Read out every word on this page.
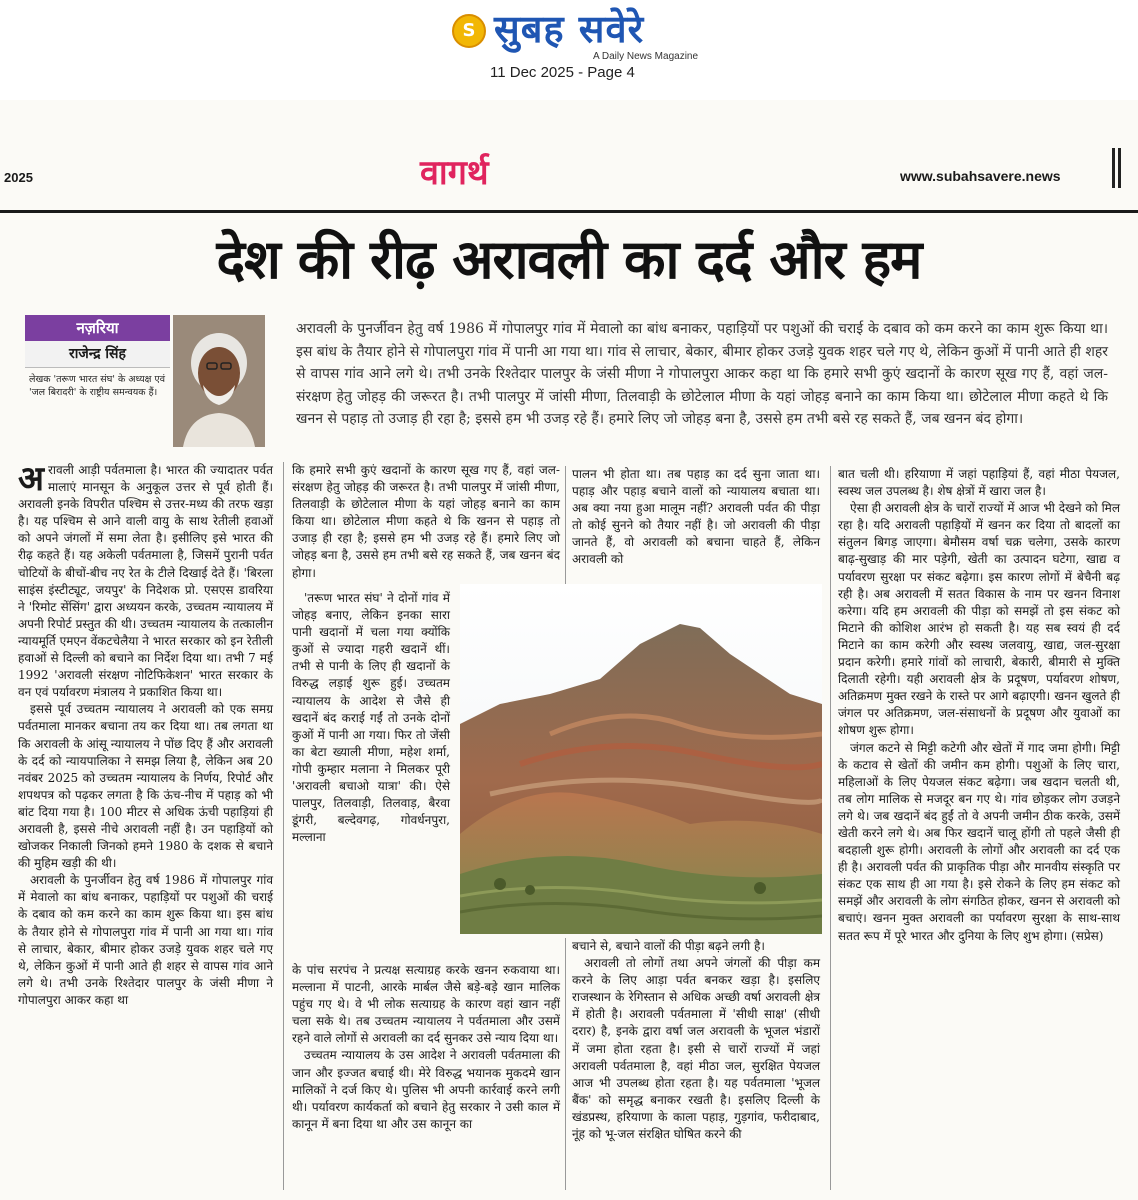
S सुबह सवेरे
A Daily News Magazine
11 Dec 2025 - Page 4
2025	वागर्थ	www.subahsavere.news
देश की रीढ़ अरावली का दर्द और हम
नज़रिया
राजेन्द्र सिंह
लेखक 'तरूण भारत संघ' के अध्यक्ष एवं 'जल बिरादरी' के राष्ट्रीय समन्वयक हैं।
अरावली के पुनर्जीवन हेतु वर्ष 1986 में गोपालपुर गांव में मेवालो का बांध बनाकर, पहाड़ियों पर पशुओं की चराई के दबाव को कम करने का काम शुरू किया था। इस बांध के तैयार होने से गोपालपुरा गांव में पानी आ गया था। गांव से लाचार, बेकार, बीमार होकर उजड़े युवक शहर चले गए थे, लेकिन कुओं में पानी आते ही शहर से वापस गांव आने लगे थे। तभी उनके रिश्तेदार पालपुर के जंसी मीणा ने गोपालपुरा आकर कहा था कि हमारे सभी कुएं खदानों के कारण सूख गए हैं, वहां जल-संरक्षण हेतु जोहड़ की जरूरत है। तभी पालपुर में जांसी मीणा, तिलवाड़ी के छोटेलाल मीणा के यहां जोहड़ बनाने का काम किया था। छोटेलाल मीणा कहते थे कि खनन से पहाड़ तो उजाड़ ही रहा है; इससे हम भी उजड़ रहे हैं। हमारे लिए जो जोहड़ बना है, उससे हम तभी बसे रह सकते हैं, जब खनन बंद होगा।

अरावली आड़ी पर्वतमाला है। भारत की ज्यादातर पर्वत मालाएं मानसून के अनुकूल उत्तर से पूर्व होती हैं। अरावली इनके विपरीत पश्चिम से उत्तर-मध्य की तरफ खड़ा है। यह पश्चिम से आने वाली वायु के साथ रेतीली हवाओं को अपने जंगलों में समा लेता है। इसीलिए इसे भारत की रीढ़ कहते हैं। यह अकेली पर्वतमाला है, जिसमें पुरानी पर्वत चोटियों के बीचों-बीच नए रेत के टीले दिखाई देते हैं। 'बिरला साइंस इंस्टीट्यूट, जयपुर' के निदेशक प्रो. एसएस डावरिया ने 'रिमोट सेंसिंग' द्वारा अध्ययन करके, उच्चतम न्यायालय में अपनी रिपोर्ट प्रस्तुत की थी। उच्चतम न्यायालय के तत्कालीन न्यायमूर्ति एमएन वेंकटचेलैया ने भारत सरकार को इन रेतीली हवाओं से दिल्ली को बचाने का निर्देश दिया था। तभी 7 मई 1992 'अरावली संरक्षण नोटिफिकेशन' भारत सरकार के वन एवं पर्यावरण मंत्रालय ने प्रकाशित किया था।

इससे पूर्व उच्चतम न्यायालय ने अरावली को एक समग्र पर्वतमाला मानकर बचाना तय कर दिया था। तब लगता था कि अरावली के आंसू न्यायालय ने पोंछ दिए हैं और अरावली के दर्द को न्यायपालिका ने समझ लिया है, लेकिन अब 20 नवंबर 2025 को उच्चतम न्यायालय के निर्णय, रिपोर्ट और शपथपत्र को पढ़कर लगता है कि ऊंच-नीच में पहाड़ को भी बांट दिया गया है। 100 मीटर से अधिक ऊंची पहाड़ियां ही अरावली है, इससे नीचे अरावली नहीं है। उन पहाड़ियों को खोजकर निकाली जिनको हमने 1980 के दशक से बचाने की मुहिम खड़ी की थी।

अरावली के पुनर्जीवन हेतु वर्ष 1986 में गोपालपुर गांव में मेवालो का बांध बनाकर, पहाड़ियों पर पशुओं की चराई के दबाव को कम करने का काम शुरू किया था। इस बांध के तैयार होने से गोपालपुरा गांव में पानी आ गया था। गांव से लाचार, बेकार, बीमार होकर उजड़े युवक शहर चले गए थे, लेकिन कुओं में पानी आते ही शहर से वापस गांव आने लगे थे। तभी उनके रिश्तेदार पालपुर के जंसी मीणा ने गोपालपुरा आकर कहा था

कि हमारे सभी कुएं खदानों के कारण सूख गए हैं, वहां जल-संरक्षण हेतु जोहड़ की जरूरत है। तभी पालपुर में जांसी मीणा, तिलवाड़ी के छोटेलाल मीणा के यहां जोहड़ बनाने का काम किया था। छोटेलाल मीणा कहते थे कि खनन से पहाड़ तो उजाड़ ही रहा है; इससे हम भी उजड़ रहे हैं। हमारे लिए जो जोहड़ बना है, उससे हम तभी बसे रह सकते हैं, जब खनन बंद होगा।

'तरूण भारत संघ' ने दोनों गांव में जोहड़ बनाए, लेकिन इनका सारा पानी खदानों में चला गया क्योंकि कुओं से ज्यादा गहरी खदानें थीं। तभी से पानी के लिए ही खदानों के विरुद्ध लड़ाई शुरू हुई। उच्चतम न्यायालय के आदेश से जैसे ही खदानें बंद कराई गईं तो उनके दोनों कुओं में पानी आ गया। फिर तो जेंसी का बेटा ख्याली मीणा, महेश शर्मा, गोपी कुम्हार मलाना ने मिलकर पूरी 'अरावली बचाओ यात्रा' की। ऐसे पालपुर, तिलवाड़ी, तिलवाड़, बैरवा डूंगरी, बल्देवगढ़, गोवर्धनपुरा, मल्लाना

के पांच सरपंच ने प्रत्यक्ष सत्याग्रह करके खनन रुकवाया था। मल्लाना में पाटनी, आरके मार्बल जैसे बड़े-बड़े खान मालिक पहुंच गए थे। वे भी लोक सत्याग्रह के कारण वहां खान नहीं चला सके थे। तब उच्चतम न्यायालय ने पर्वतमाला और उसमें रहने वाले लोगों से अरावली का दर्द सुनकर उसे न्याय दिया था।

उच्चतम न्यायालय के उस आदेश ने अरावली पर्वतमाला की जान और इज्जत बचाई थी। मेरे विरुद्ध भयानक मुकदमे खान मालिकों ने दर्ज किए थे। पुलिस भी अपनी कार्रवाई करने लगी थी। पर्यावरण कार्यकर्ता को बचाने हेतु सरकार ने उसी काल में कानून में बना दिया था और उस कानून का

पालन भी होता था। तब पहाड़ का दर्द सुना जाता था। पहाड़ और पहाड़ बचाने वालों को न्यायालय बचाता था। अब क्या नया हुआ मालूम नहीं? अरावली पर्वत की पीड़ा तो कोई सुनने को तैयार नहीं है। जो अरावली की पीड़ा जानते हैं, वो अरावली को बचाना चाहते हैं, लेकिन अरावली को

बचाने से, बचाने वालों की पीड़ा बढ़ने लगी है।

अरावली तो लोगों तथा अपने जंगलों की पीड़ा कम करने के लिए आड़ा पर्वत बनकर खड़ा है। इसलिए राजस्थान के रेगिस्तान से अधिक अच्छी वर्षा अरावली क्षेत्र में होती है। अरावली पर्वतमाला में 'सीधी साक्ष' (सीधी दरार) है, इनके द्वारा वर्षा जल अरावली के भूजल भंडारों में जमा होता रहता है। इसी से चारों राज्यों में जहां अरावली पर्वतमाला है, वहां मीठा जल, सुरक्षित पेयजल आज भी उपलब्ध होता रहता है। यह पर्वतमाला 'भूजल बैंक' को समृद्ध बनाकर रखती है। इसलिए दिल्ली के खंडप्रस्थ, हरियाणा के काला पहाड़, गुड़गांव, फरीदाबाद, नूंह को भू-जल संरक्षित घोषित करने की

बात चली थी। हरियाणा में जहां पहाड़ियां हैं, वहां मीठा पेयजल, स्वस्थ जल उपलब्ध है। शेष क्षेत्रों में खारा जल है।

ऐसा ही अरावली क्षेत्र के चारों राज्यों में आज भी देखने को मिल रहा है। यदि अरावली पहाड़ियों में खनन कर दिया तो बादलों का संतुलन बिगड़ जाएगा। बेमौसम वर्षा चक्र चलेगा, उसके कारण बाढ़-सुखाड़ की मार पड़ेगी, खेती का उत्पादन घटेगा, खाद्य व पर्यावरण सुरक्षा पर संकट बढ़ेगा। इस कारण लोगों में बेचैनी बढ़ रही है। अब अरावली में सतत विकास के नाम पर खनन विनाश करेगा। यदि हम अरावली की पीड़ा को समझें तो इस संकट को मिटाने की कोशिश आरंभ हो सकती है। यह सब स्वयं ही दर्द मिटाने का काम करेगी और स्वस्थ जलवायु, खाद्य, जल-सुरक्षा प्रदान करेगी। हमारे गांवों को लाचारी, बेकारी, बीमारी से मुक्ति दिलाती रहेगी। यही अरावली क्षेत्र के प्रदूषण, पर्यावरण शोषण, अतिक्रमण मुक्त रखने के रास्ते पर आगे बढ़ाएगी। खनन खुलते ही जंगल पर अतिक्रमण, जल-संसाधनों के प्रदूषण और युवाओं का शोषण शुरू होगा।

जंगल कटने से मिट्टी कटेगी और खेतों में गाद जमा होगी। मिट्टी के कटाव से खेतों की जमीन कम होगी। पशुओं के लिए चारा, महिलाओं के लिए पेयजल संकट बढ़ेगा। जब खदान चलती थी, तब लोग मालिक से मजदूर बन गए थे। गांव छोड़कर लोग उजड़ने लगे थे। जब खदानें बंद हुईं तो वे अपनी जमीन ठीक करके, उसमें खेती करने लगे थे। अब फिर खदानें चालू होंगी तो पहले जैसी ही बदहाली शुरू होगी। अरावली के लोगों और अरावली का दर्द एक ही है। अरावली पर्वत की प्राकृतिक पीड़ा और मानवीय संस्कृति पर संकट एक साथ ही आ गया है। इसे रोकने के लिए हम संकट को समझें और अरावली के लोग संगठित होकर, खनन से अरावली को बचाएं। खनन मुक्त अरावली का पर्यावरण सुरक्षा के साथ-साथ सतत रूप में पूरे भारत और दुनिया के लिए शुभ होगा। (सप्रेस)
